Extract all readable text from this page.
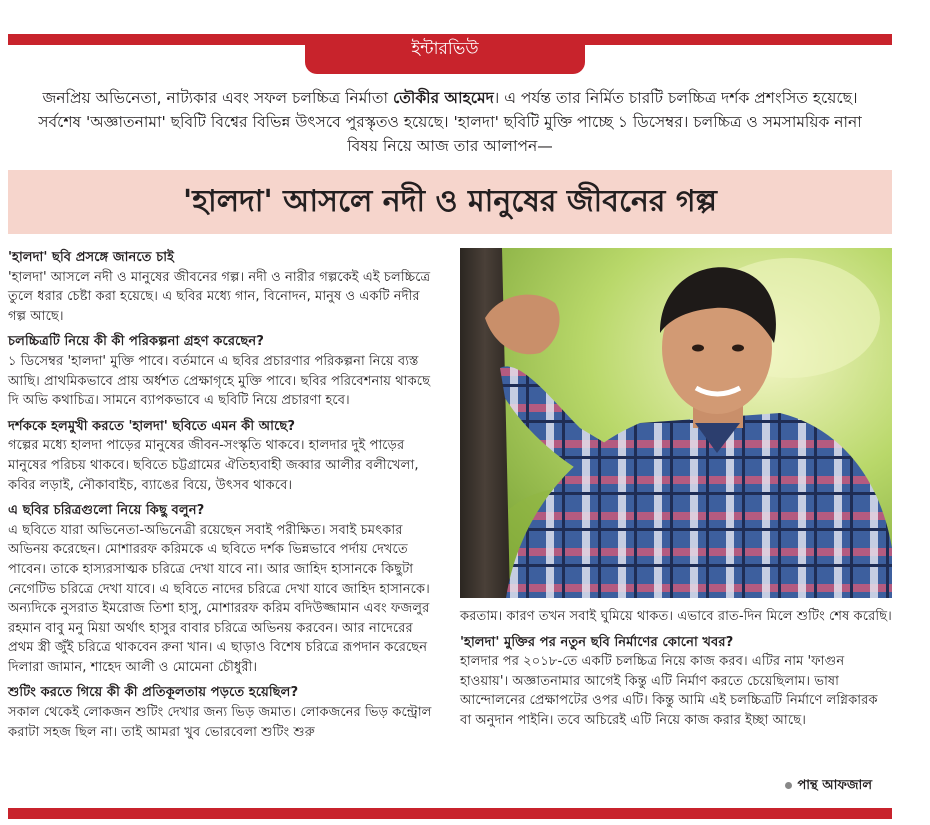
ইন্টারভিউ
জনপ্রিয় অভিনেতা, নাট্যকার এবং সফল চলচ্চিত্র নির্মাতা তৌকীর আহমেদ। এ পর্যন্ত তার নির্মিত চারটি চলচ্চিত্র দর্শক প্রশংসিত হয়েছে। সর্বশেষ 'অজ্ঞাতনামা' ছবিটি বিশ্বের বিভিন্ন উৎসবে পুরস্কৃতও হয়েছে। 'হালদা' ছবিটি মুক্তি পাচ্ছে ১ ডিসেম্বর। চলচ্চিত্র ও সমসাময়িক নানা বিষয় নিয়ে আজ তার আলাপন—
'হালদা' আসলে নদী ও মানুষের জীবনের গল্প
'হালদা' ছবি প্রসঙ্গে জানতে চাই
'হালদা' আসলে নদী ও মানুষের জীবনের গল্প। নদী ও নারীর গল্পকেই এই চলচ্চিত্রে তুলে ধরার চেষ্টা করা হয়েছে। এ ছবির মধ্যে গান, বিনোদন, মানুষ ও একটি নদীর গল্প আছে।
চলচ্চিত্রটি নিয়ে কী কী পরিকল্পনা গ্রহণ করেছেন?
১ ডিসেম্বর 'হালদা' মুক্তি পাবে। বর্তমানে এ ছবির প্রচারণার পরিকল্পনা নিয়ে ব্যস্ত আছি। প্রাথমিকভাবে প্রায় অর্ধশত প্রেক্ষাগৃহে মুক্তি পাবে। ছবির পরিবেশনায় থাকছে দি অভি কথাচিত্র। সামনে ব্যাপকভাবে এ ছবিটি নিয়ে প্রচারণা হবে।
দর্শককে হলমুখী করতে 'হালদা' ছবিতে এমন কী আছে?
গল্পের মধ্যে হালদা পাড়ের মানুষের জীবন-সংস্কৃতি থাকবে। হালদার দুই পাড়ের মানুষের পরিচয় থাকবে। ছবিতে চট্টগ্রামের ঐতিহ্যবাহী জব্বার আলীর বলীখেলা, কবির লড়াই, নৌকাবাইচ, ব্যাঙের বিয়ে, উৎসব থাকবে।
এ ছবির চরিত্রগুলো নিয়ে কিছু বলুন?
এ ছবিতে যারা অভিনেতা-অভিনেত্রী রয়েছেন সবাই পরীক্ষিত। সবাই চমৎকার অভিনয় করেছেন। মোশাররফ করিমকে এ ছবিতে দর্শক ভিন্নভাবে পর্দায় দেখতে পাবেন। তাকে হাস্যরসাত্মক চরিত্রে দেখা যাবে না। আর জাহিদ হাসানকে কিছুটা নেগেটিভ চরিত্রে দেখা যাবে। এ ছবিতে নাদের চরিত্রে দেখা যাবে জাহিদ হাসানকে। অন্যদিকে নুসরাত ইমরোজ তিশা হাসু, মোশাররফ করিম বদিউজ্জামান এবং ফজলুর রহমান বাবু মনু মিয়া অর্থাৎ হাসুর বাবার চরিত্রে অভিনয় করবেন। আর নাদেরের প্রথম স্ত্রী জুঁই চরিত্রে থাকবেন রুনা খান। এ ছাড়াও বিশেষ চরিত্রে রূপদান করেছেন দিলারা জামান, শাহেদ আলী ও মোমেনা চৌধুরী।
শুটিং করতে গিয়ে কী কী প্রতিকূলতায় পড়তে হয়েছিল?
সকাল থেকেই লোকজন শুটিং দেখার জন্য ভিড় জমাত। লোকজনের ভিড় কন্ট্রোল করাটা সহজ ছিল না। তাই আমরা খুব ভোরবেলা শুটিং শুরু
করতাম। কারণ তখন সবাই ঘুমিয়ে থাকত। এভাবে রাত-দিন মিলে শুটিং শেষ করেছি।
'হালদা' মুক্তির পর নতুন ছবি নির্মাণের কোনো খবর?
হালদার পর ২০১৮-তে একটি চলচ্চিত্র নিয়ে কাজ করব। এটির নাম 'ফাগুন হাওয়ায়'। অজ্ঞাতনামার আগেই কিন্তু এটি নির্মাণ করতে চেয়েছিলাম। ভাষা আন্দোলনের প্রেক্ষাপটের ওপর এটি। কিন্তু আমি এই চলচ্চিত্রটি নির্মাণে লগ্নিকারক বা অনুদান পাইনি। তবে অচিরেই এটি নিয়ে কাজ করার ইচ্ছা আছে।
পান্থ আফজাল
